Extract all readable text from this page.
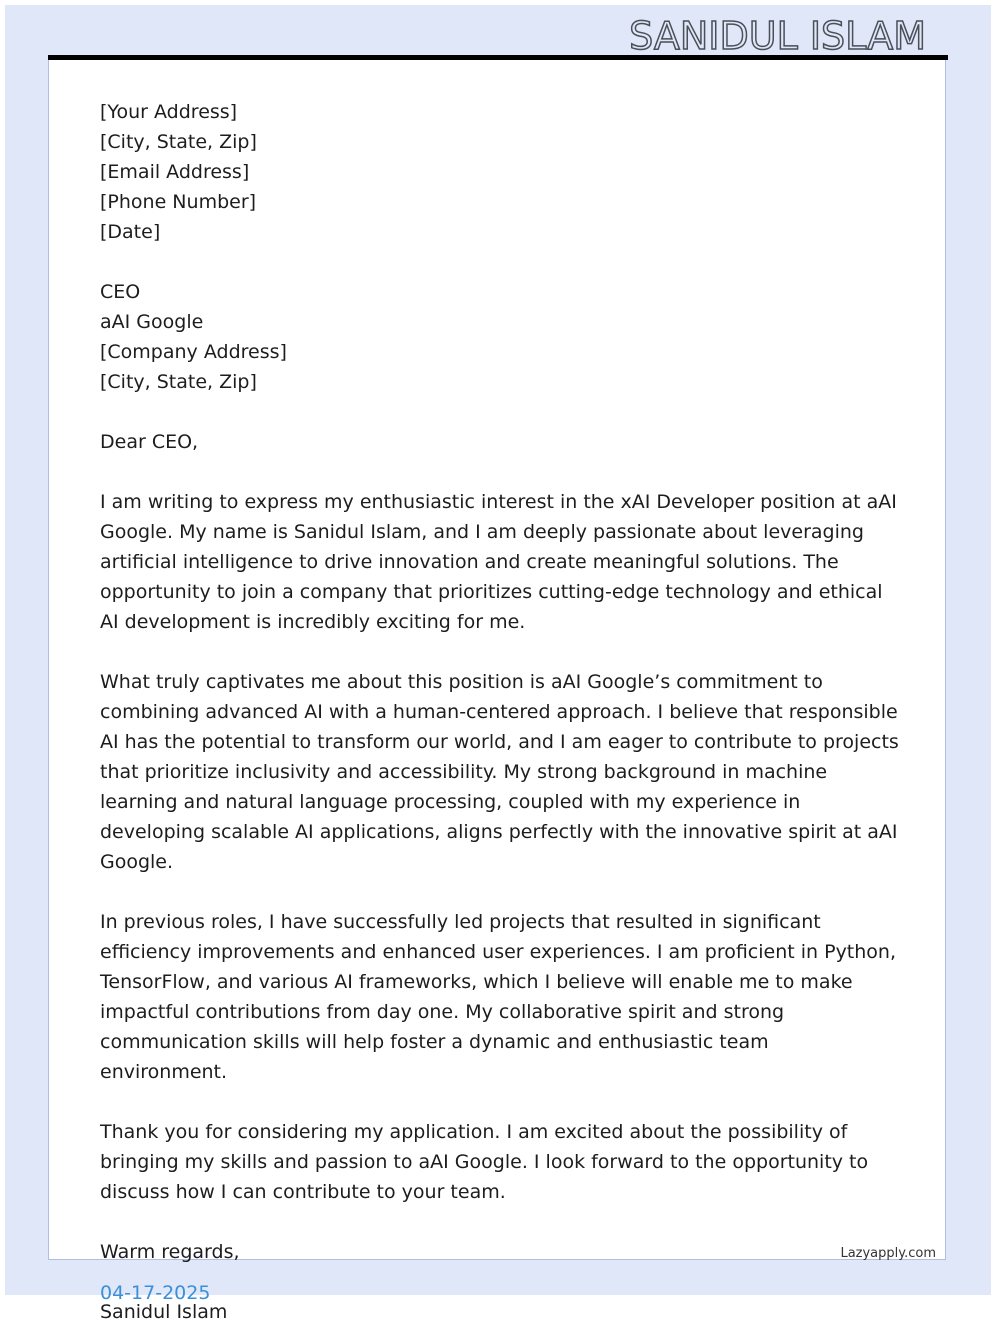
SANIDUL ISLAM
[Your Address]
[City, State, Zip]
[Email Address]
[Phone Number]
[Date]
CEO
aAI Google
[Company Address]
[City, State, Zip]
Dear CEO,

I am writing to express my enthusiastic interest in the xAI Developer position at aAI Google. My name is Sanidul Islam, and I am deeply passionate about leveraging artificial intelligence to drive innovation and create meaningful solutions. The opportunity to join a company that prioritizes cutting-edge technology and ethical AI development is incredibly exciting for me.

What truly captivates me about this position is aAI Google’s commitment to combining advanced AI with a human-centered approach. I believe that responsible AI has the potential to transform our world, and I am eager to contribute to projects that prioritize inclusivity and accessibility. My strong background in machine learning and natural language processing, coupled with my experience in developing scalable AI applications, aligns perfectly with the innovative spirit at aAI Google.

In previous roles, I have successfully led projects that resulted in significant efficiency improvements and enhanced user experiences. I am proficient in Python, TensorFlow, and various AI frameworks, which I believe will enable me to make impactful contributions from day one. My collaborative spirit and strong communication skills will help foster a dynamic and enthusiastic team environment.

Thank you for considering my application. I am excited about the possibility of bringing my skills and passion to aAI Google. I look forward to the opportunity to discuss how I can contribute to your team.

Warm regards,
Sanidul Islam
Lazyapply.com
04-17-2025
